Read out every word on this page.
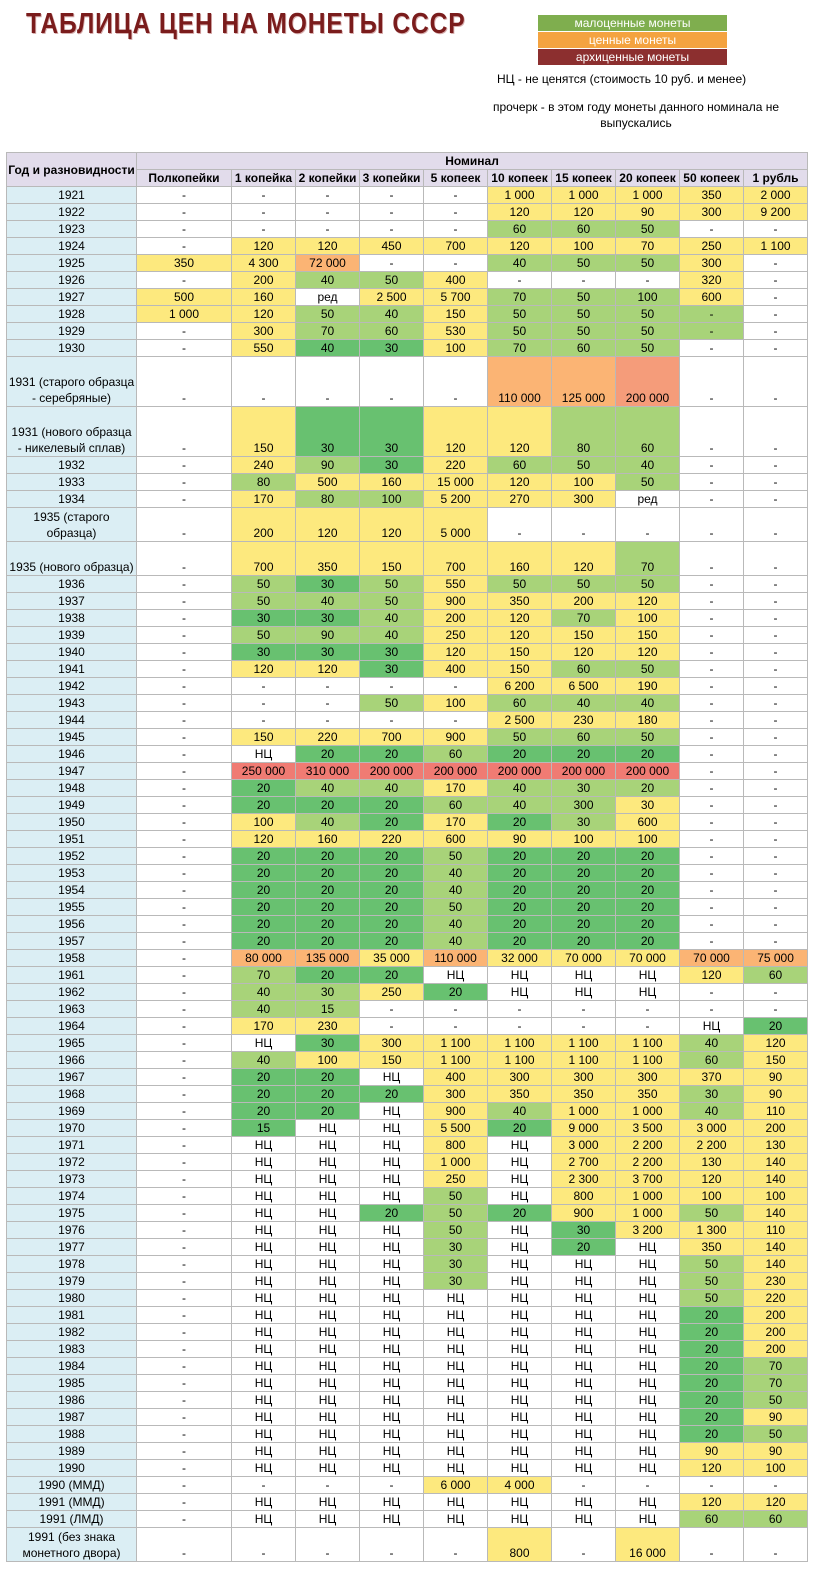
ТАБЛИЦА ЦЕН НА МОНЕТЫ СССР	малоценные монеты
ценные монеты
архиценные монеты
НЦ - не ценятся (стоимость 10 руб. и менее)
прочерк - в этом году монеты данного номинала не выпускались
Год и разновидности	Номинал									
	Полкопейки	1 копейка	2 копейки	3 копейки	5 копеек	10 копеек	15 копеек	20 копеек	50 копеек	1 рубль
1921	-	-	-	-	-	1 000	1 000	1 000	350	2 000
1922	-	-	-	-	-	120	120	90	300	9 200
1923	-	-	-	-	-	60	60	50	-	-
1924	-	120	120	450	700	120	100	70	250	1 100
1925	350	4 300	72 000	-	-	40	50	50	300	-
1926	-	200	40	50	400	-	-	-	320	-
1927	500	160	ред	2 500	5 700	70	50	100	600	-
1928	1 000	120	50	40	150	50	50	50	-	-
1929	-	300	70	60	530	50	50	50	-	-
1930	-	550	40	30	100	70	60	50	-	-
1931 (старого образца - серебряные)	-	-	-	-	-	110 000	125 000	200 000	-	-
1931 (нового образца - никелевый сплав)	-	150	30	30	120	120	80	60	-	-
1932	-	240	90	30	220	60	50	40	-	-
1933	-	80	500	160	15 000	120	100	50	-	-
1934	-	170	80	100	5 200	270	300	ред	-	-
1935 (старого образца)	-	200	120	120	5 000	-	-	-	-	-
1935 (нового образца)	-	700	350	150	700	160	120	70	-	-
1936	-	50	30	50	550	50	50	50	-	-
1937	-	50	40	50	900	350	200	120	-	-
1938	-	30	30	40	200	120	70	100	-	-
1939	-	50	90	40	250	120	150	150	-	-
1940	-	30	30	30	120	150	120	120	-	-
1941	-	120	120	30	400	150	60	50	-	-
1942	-	-	-	-	-	6 200	6 500	190	-	-
1943	-	-	-	50	100	60	40	40	-	-
1944	-	-	-	-	-	2 500	230	180	-	-
1945	-	150	220	700	900	50	60	50	-	-
1946	-	НЦ	20	20	60	20	20	20	-	-
1947	-	250 000	310 000	200 000	200 000	200 000	200 000	200 000	-	-
1948	-	20	40	40	170	40	30	20	-	-
1949	-	20	20	20	60	40	300	30	-	-
1950	-	100	40	20	170	20	30	600	-	-
1951	-	120	160	220	600	90	100	100	-	-
1952	-	20	20	20	50	20	20	20	-	-
1953	-	20	20	20	40	20	20	20	-	-
1954	-	20	20	20	40	20	20	20	-	-
1955	-	20	20	20	50	20	20	20	-	-
1956	-	20	20	20	40	20	20	20	-	-
1957	-	20	20	20	40	20	20	20	-	-
1958	-	80 000	135 000	35 000	110 000	32 000	70 000	70 000	70 000	75 000
1961	-	70	20	20	НЦ	НЦ	НЦ	НЦ	120	60
1962	-	40	30	250	20	НЦ	НЦ	НЦ	-	-
1963	-	40	15	-	-	-	-	-	-	-
1964	-	170	230	-	-	-	-	-	НЦ	20
1965	-	НЦ	30	300	1 100	1 100	1 100	1 100	40	120
1966	-	40	100	150	1 100	1 100	1 100	1 100	60	150
1967	-	20	20	НЦ	400	300	300	300	370	90
1968	-	20	20	20	300	350	350	350	30	90
1969	-	20	20	НЦ	900	40	1 000	1 000	40	110
1970	-	15	НЦ	НЦ	5 500	20	9 000	3 500	3 000	200
1971	-	НЦ	НЦ	НЦ	800	НЦ	3 000	2 200	2 200	130
1972	-	НЦ	НЦ	НЦ	1 000	НЦ	2 700	2 200	130	140
1973	-	НЦ	НЦ	НЦ	250	НЦ	2 300	3 700	120	140
1974	-	НЦ	НЦ	НЦ	50	НЦ	800	1 000	100	100
1975	-	НЦ	НЦ	20	50	20	900	1 000	50	140
1976	-	НЦ	НЦ	НЦ	50	НЦ	30	3 200	1 300	110
1977	-	НЦ	НЦ	НЦ	30	НЦ	20	НЦ	350	140
1978	-	НЦ	НЦ	НЦ	30	НЦ	НЦ	НЦ	50	140
1979	-	НЦ	НЦ	НЦ	30	НЦ	НЦ	НЦ	50	230
1980	-	НЦ	НЦ	НЦ	НЦ	НЦ	НЦ	НЦ	50	220
1981	-	НЦ	НЦ	НЦ	НЦ	НЦ	НЦ	НЦ	20	200
1982	-	НЦ	НЦ	НЦ	НЦ	НЦ	НЦ	НЦ	20	200
1983	-	НЦ	НЦ	НЦ	НЦ	НЦ	НЦ	НЦ	20	200
1984	-	НЦ	НЦ	НЦ	НЦ	НЦ	НЦ	НЦ	20	70
1985	-	НЦ	НЦ	НЦ	НЦ	НЦ	НЦ	НЦ	20	70
1986	-	НЦ	НЦ	НЦ	НЦ	НЦ	НЦ	НЦ	20	50
1987	-	НЦ	НЦ	НЦ	НЦ	НЦ	НЦ	НЦ	20	90
1988	-	НЦ	НЦ	НЦ	НЦ	НЦ	НЦ	НЦ	20	50
1989	-	НЦ	НЦ	НЦ	НЦ	НЦ	НЦ	НЦ	90	90
1990	-	НЦ	НЦ	НЦ	НЦ	НЦ	НЦ	НЦ	120	100
1990 (ММД)	-	-	-	-	6 000	4 000	-	-	-	-
1991 (ММД)	-	НЦ	НЦ	НЦ	НЦ	НЦ	НЦ	НЦ	120	120
1991 (ЛМД)	-	НЦ	НЦ	НЦ	НЦ	НЦ	НЦ	НЦ	60	60
1991 (без знака монетного двора)	-	-	-	-	-	800	-	16 000	-	-
